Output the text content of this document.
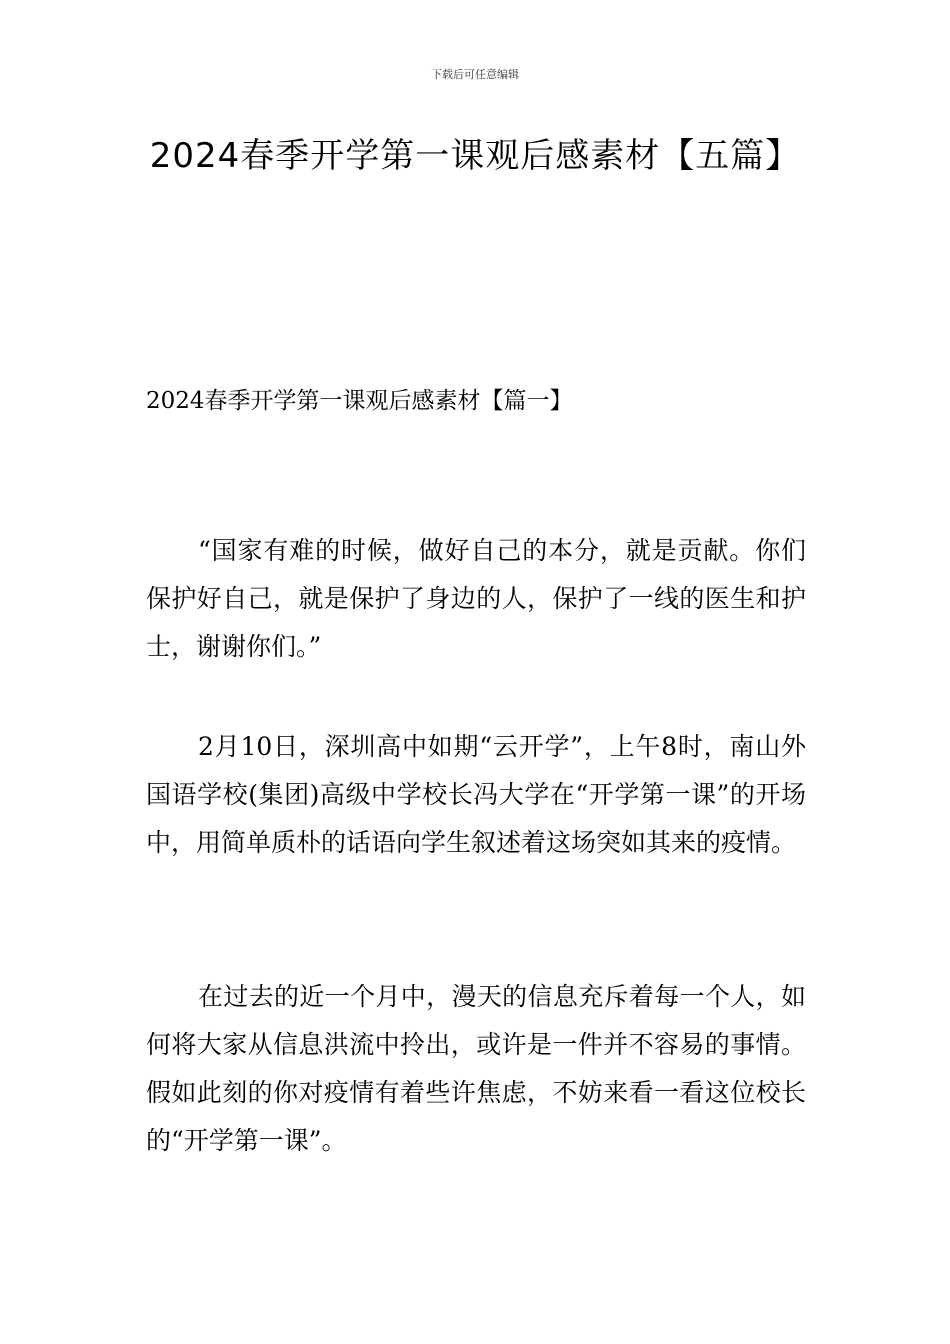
下载后可任意编辑
2024春季开学第一课观后感素材【五篇】
2024春季开学第一课观后感素材【篇一】

“国家有难的时候，做好自己的本分，就是贡献。你们保护好自己，就是保护了身边的人，保护了一线的医生和护士，谢谢你们。”

2月10日，深圳高中如期“云开学”，上午8时，南山外国语学校(集团)高级中学校长冯大学在“开学第一课”的开场中，用简单质朴的话语向学生叙述着这场突如其来的疫情。

在过去的近一个月中，漫天的信息充斥着每一个人，如何将大家从信息洪流中拎出，或许是一件并不容易的事情。假如此刻的你对疫情有着些许焦虑，不妨来看一看这位校长的“开学第一课”。
